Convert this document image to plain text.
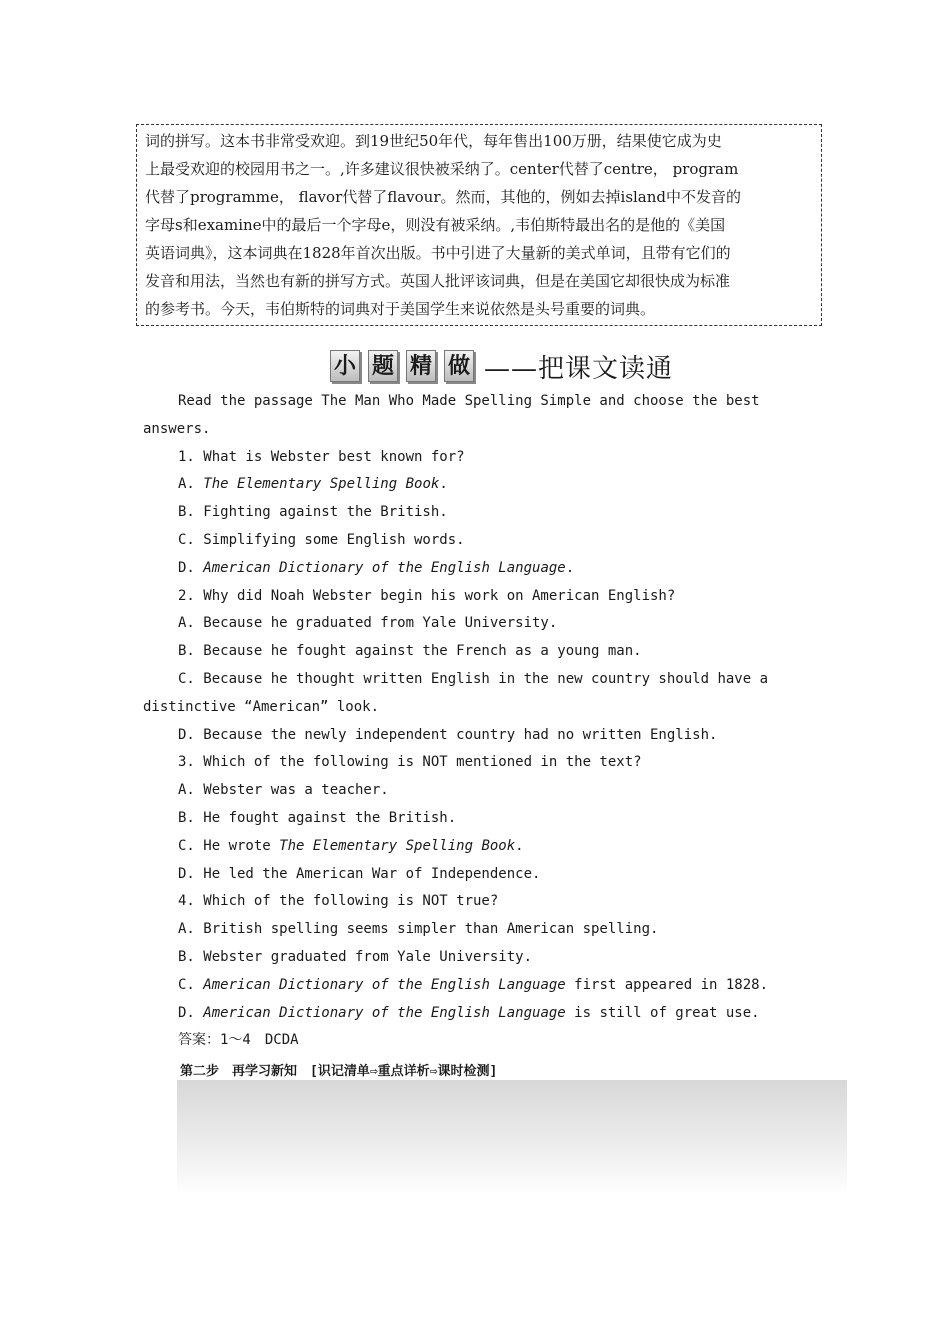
词的拼写。这本书非常受欢迎。到19世纪50年代，每年售出100万册，结果使它成为史

上最受欢迎的校园用书之一。,许多建议很快被采纳了。center代替了centre， program

代替了programme， flavor代替了flavour。然而，其他的，例如去掉island中不发音的

字母s和examine中的最后一个字母e，则没有被采纳。,韦伯斯特最出名的是他的《美国

英语词典》，这本词典在1828年首次出版。书中引进了大量新的美式单词，且带有它们的

发音和用法，当然也有新的拼写方式。英国人批评该词典，但是在美国它却很快成为标准

的参考书。今天，韦伯斯特的词典对于美国学生来说依然是头号重要的词典。

小 题 精 做 ——把课文读通

Read the passage The Man Who Made Spelling Simple and choose the best

answers.

1. What is Webster best known for?

A. The Elementary Spelling Book.

B. Fighting against the British.

C. Simplifying some English words.

D. American Dictionary of the English Language.

2. Why did Noah Webster begin his work on American English?

A. Because he graduated from Yale University.

B. Because he fought against the French as a young man.

C. Because he thought written English in the new country should have a

distinctive “American” look.

D. Because the newly independent country had no written English.

3. Which of the following is NOT mentioned in the text?

A. Webster was a teacher.

B. He fought against the British.

C. He wrote The Elementary Spelling Book.

D. He led the American War of Independence.

4. Which of the following is NOT true?

A. British spelling seems simpler than American spelling.

B. Webster graduated from Yale University.

C. American Dictionary of the English Language first appeared in 1828.

D. American Dictionary of the English Language is still of great use.

答案：1～4　DCDA

第二步　再学习新知　[识记清单⇨重点详析⇨课时检测]
